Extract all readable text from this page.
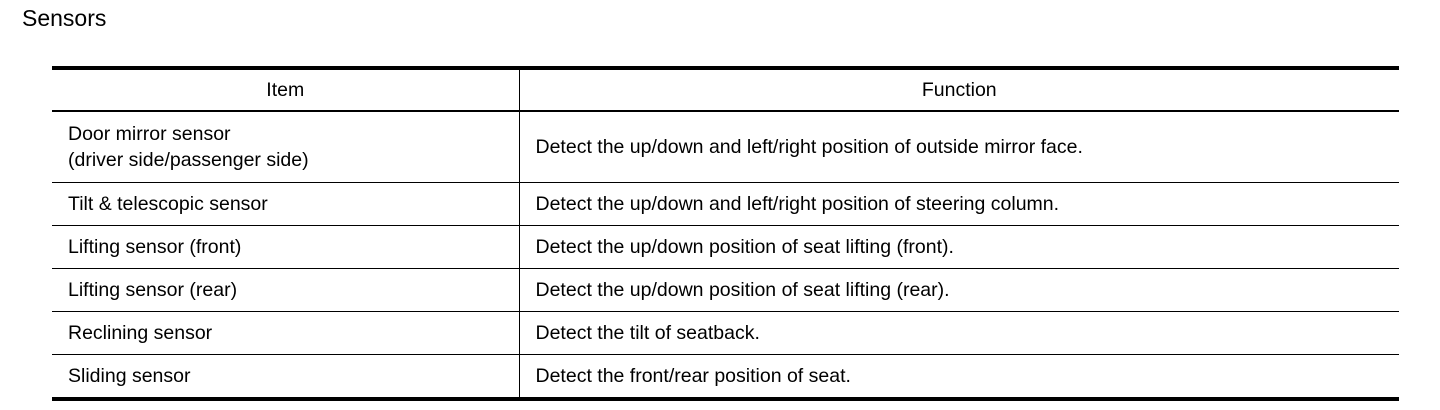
Sensors
Item	Function

Door mirror sensor
(driver side/passenger side)	Detect the up/down and left/right position of outside mirror face.
Tilt & telescopic sensor	Detect the up/down and left/right position of steering column.
Lifting sensor (front)	Detect the up/down position of seat lifting (front).
Lifting sensor (rear)	Detect the up/down position of seat lifting (rear).
Reclining sensor	Detect the tilt of seatback.
Sliding sensor	Detect the front/rear position of seat.
